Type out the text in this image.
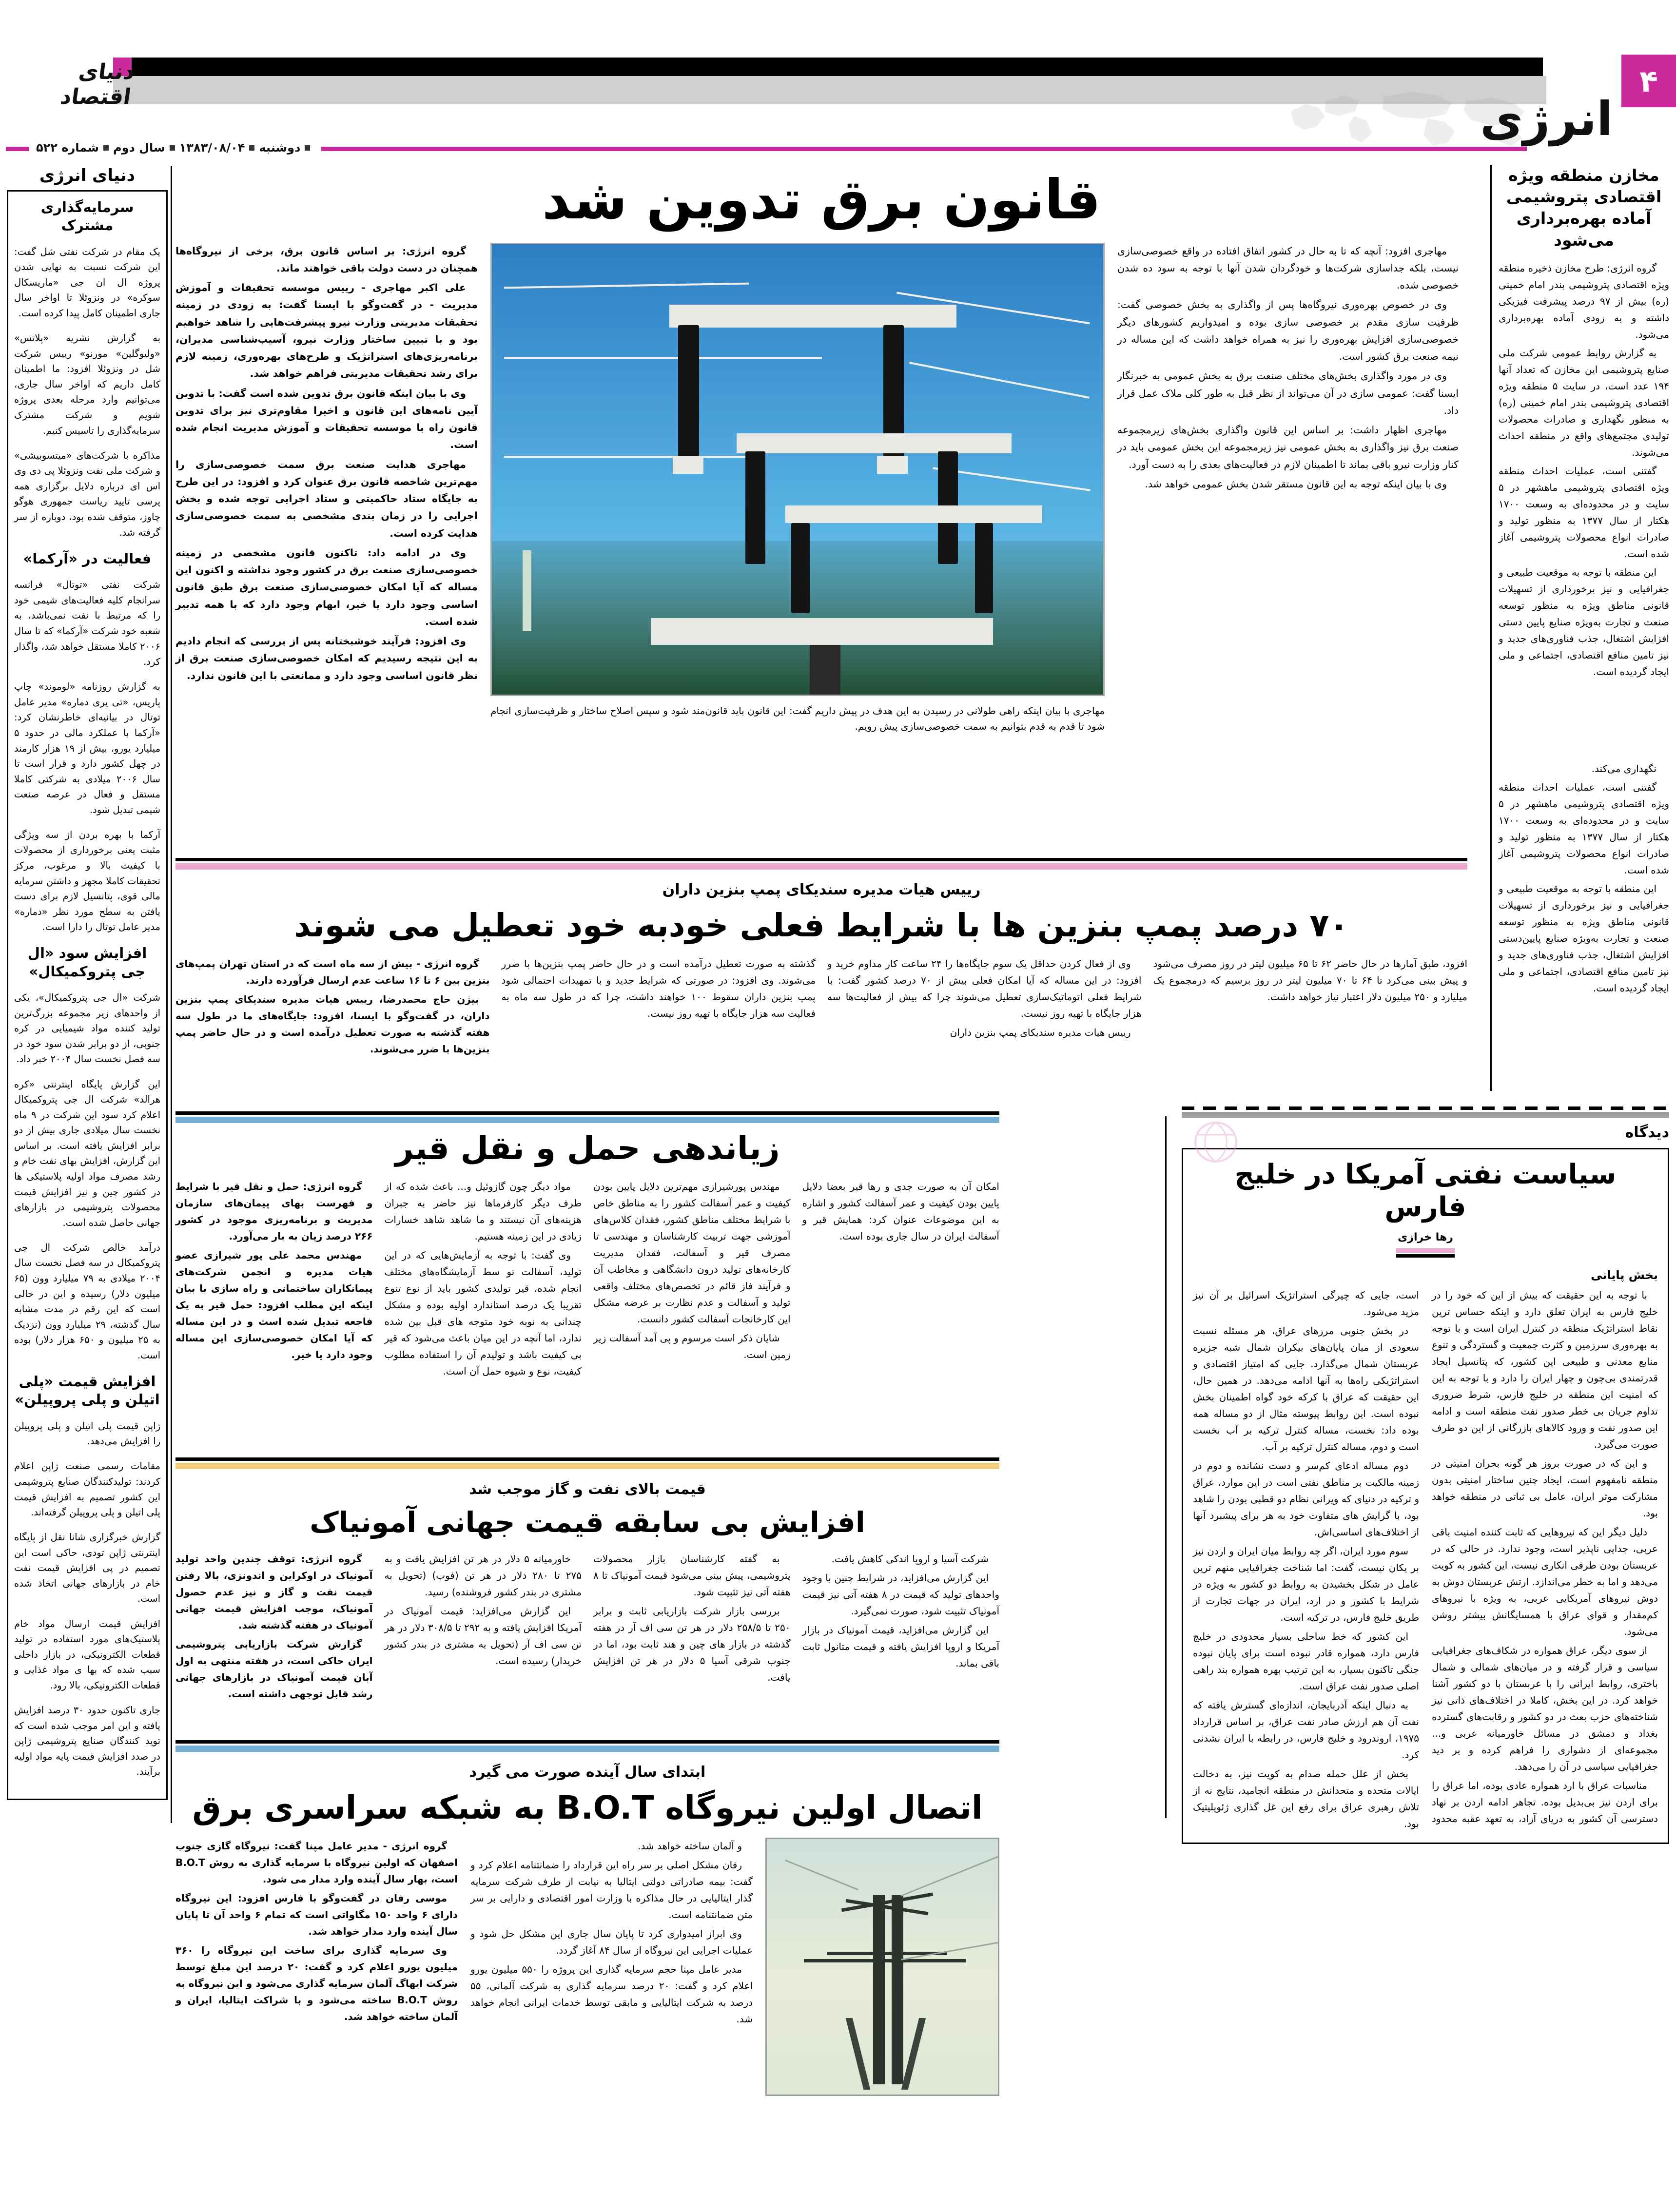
دنیای اقتصاد	۴
انرژی
دوشنبه
۱۳۸۳/۰۸/۰۴
سال دوم
شماره ۵۲۲
دنیای انرژی
سرمایه‌گذاری مشترک

یک مقام در شرکت نفتی شل گفت: این شرکت نسبت به نهایی شدن پروژه ال ان جی «ماریسکال سوکره» در ونزوئلا تا اواخر سال جاری اطمینان کامل پیدا کرده است.

به گزارش نشریه «پلاتس» «ولیوگلین» مورنو» رییس شرکت شل در ونزوئلا افزود: ما اطمینان کامل داریم که اواخر سال جاری، می‌توانیم وارد مرحله بعدی پروژه شویم و شرکت مشترک سرمایه‌گذاری را تاسیس کنیم.

مذاکره با شرکت‌های «میتسوبیشی» و شرکت ملی نفت ونزوئلا پی دی وی اس ای درباره دلایل برگزاری همه پرسی تایید ریاست جمهوری هوگو چاوز، متوقف شده بود، دوباره از سر گرفته شد.

فعالیت در «آرکما»

شرکت نفتی «توتال» فرانسه سرانجام کلیه فعالیت‌های شیمی خود را که مرتبط با نفت نمی‌باشد، به شعبه خود شرکت «آرکما» که تا سال ۲۰۰۶ کاملا مستقل خواهد شد، واگذار کرد.

به گزارش روزنامه «لوموند» چاپ پاریس، «تی یری دماره» مدیر عامل توتال در بیانیه‌ای خاطرنشان کرد: «آرکما با عملکرد مالی در حدود ۵ میلیارد یورو، بیش از ۱۹ هزار کارمند در چهل کشور دارد و قرار است تا سال ۲۰۰۶ میلادی به شرکتی کاملا مستقل و فعال در عرصه صنعت شیمی تبدیل شود.

آرکما با بهره بردن از سه ویژگی مثبت یعنی برخورداری از محصولات با کیفیت بالا و مرغوب، مرکز تحقیقات کاملا مجهز و داشتن سرمایه مالی قوی، پتانسیل لازم برای دست یافتن به سطح مورد نظر «دماره» مدیر عامل توتال را دارا است.

افزایش سود «ال جی پتروکمیکال»

شرکت «ال جی پتروکمیکال»، یکی از واحدهای زیر مجموعه بزرگ‌ترین تولید کننده مواد شیمیایی در کره جنوبی، از دو برابر شدن سود خود در سه فصل نخست سال ۲۰۰۴ خبر داد.

این گزارش پایگاه اینترنتی «کره هرالد» شرکت ال جی پتروکمیکال اعلام کرد سود این شرکت در ۹ ماه نخست سال میلادی جاری بیش از دو برابر افزایش یافته است. بر اساس این گزارش، افزایش بهای نفت خام و رشد مصرف مواد اولیه پلاستیکی ها در کشور چین و نیز افزایش قیمت محصولات پتروشیمی در بازارهای جهانی حاصل شده است.

درآمد خالص شرکت ال جی پتروکمیکال در سه فصل نخست سال ۲۰۰۴ میلادی به ۷۹ میلیارد وون (۶۵ میلیون دلار) رسیده و این در حالی است که این رقم در مدت مشابه سال گذشته، ۲۹ میلیارد وون (نزدیک به ۲۵ میلیون و ۶۵۰ هزار دلار) بوده است.

افزایش قیمت «پلی اتیلن و پلی پروپیلن»

ژاپن قیمت پلی اتیلن و پلی پروپیلن را افزایش می‌دهد.

مقامات رسمی صنعت ژاپن اعلام کردند: تولیدکنندگان صنایع پتروشیمی این کشور تصمیم به افزایش قیمت پلی اتیلن و پلی پروپیلن گرفته‌اند.

گزارش خبرگزاری شانا نقل از پایگاه اینترنتی ژاپن تودی، حاکی است این تصمیم در پی افزایش قیمت نفت خام در بازارهای جهانی اتخاذ شده است.

افزایش قیمت ارسال مواد خام پلاستیک‌های مورد استفاده در تولید قطعات الکترونیکی، در بازار داخلی سبب شده که بها ی مواد غذایی و قطعات الکترونیکی، بالا رود.

جاری تاکنون حدود ۳۰ درصد افزایش یافته و این امر موجب شده است که توید کنندگان صنایع پتروشیمی ژاپن در صدد افزایش قیمت پایه مواد اولیه برآیند.

مخازن منطقه ویژه اقتصادی پتروشیمی آماده بهره‌برداری می‌شود

گروه انرژی: طرح مخازن ذخیره منطقه ویژه اقتصادی پتروشیمی بندر امام خمینی (ره) بیش از ۹۷ درصد پیشرفت فیزیکی داشته و به زودی آماده بهره‌برداری می‌شود.

به گزارش روابط عمومی شرکت ملی صنایع پتروشیمی این مخازن که تعداد آنها ۱۹۴ عدد است، در سایت ۵ منطقه ویژه اقتصادی پتروشیمی بندر امام خمینی (ره) به منظور نگهداری و صادرات محصولات تولیدی مجتمع‌های واقع در منطقه احداث می‌شوند.

گفتنی است، عملیات احداث منطقه ویژه اقتصادی پتروشیمی ماهشهر در ۵ سایت و در محدوده‌ای به وسعت ۱۷۰۰ هکتار از سال ۱۳۷۷ به منظور تولید و صادرات انواع محصولات پتروشیمی آغاز شده است.

این منطقه با توجه به موقعیت طبیعی و جغرافیایی و نیز برخورداری از تسهیلات قانونی مناطق ویژه به منظور توسعه صنعت و تجارت به‌ویژه صنایع پایین دستی افزایش اشتغال، جذب فناوری‌های جدید و نیز تامین منافع اقتصادی، اجتماعی و ملی ایجاد گردیده است.

نگهداری می‌کند.

گفتنی است، عملیات احداث منطقه ویژه اقتصادی پتروشیمی ماهشهر در ۵ سایت و در محدوده‌ای به وسعت ۱۷۰۰ هکتار از سال ۱۳۷۷ به منظور تولید و صادرات انواع محصولات پتروشیمی آغاز شده است.

این منطقه با توجه به موقعیت طبیعی و جغرافیایی و نیز برخورداری از تسهیلات قانونی مناطق ویژه به منظور توسعه صنعت و تجارت به‌ویژه صنایع پایین‌دستی افزایش اشتغال، جذب فناوری‌های جدید و نیز تامین منافع اقتصادی، اجتماعی و ملی ایجاد گردیده است.

قانون برق تدوین شد

گروه انرژی: بر اساس قانون برق، برخی از نیروگاه‌ها همچنان در دست دولت باقی خواهند ماند.

علی اکبر مهاجری - رییس موسسه تحقیقات و آموزش مدیریت - در گفت‌وگو با ایسنا گفت: به زودی در زمینه تحقیقات مدیریتی وزارت نیرو پیشرفت‌هایی را شاهد خواهیم بود و با تبیین ساختار وزارت نیرو، آسیب‌شناسی مدیران، برنامه‌ریزی‌های استراتژیک و طرح‌های بهره‌وری، زمینه لازم برای رشد تحقیقات مدیریتی فراهم خواهد شد.

وی با بیان اینکه قانون برق تدوین شده است گفت: با تدوین آیین نامه‌های این قانون و اخیرا مقاوم‌تری نیز برای تدوین قانون راه با موسسه تحقیقات و آموزش مدیریت انجام شده است.

مهاجری هدایت صنعت برق سمت خصوصی‌سازی را مهم‌ترین شاخصه قانون برق عنوان کرد و افزود: در این طرح به جایگاه ستاد حاکمیتی و ستاد اجرایی توجه شده و بخش اجرایی را در زمان بندی مشخصی به سمت خصوصی‌سازی هدایت کرده است.

وی در ادامه داد: تاکنون قانون مشخصی در زمینه خصوصی‌سازی صنعت برق در کشور وجود نداشته و اکنون این مساله که آیا امکان خصوصی‌سازی صنعت برق طبق قانون اساسی وجود دارد یا خیر، ابهام وجود دارد که با همه تدبیر شده است.

وی افزود: فرآیند خوشبختانه پس از بررسی که انجام دادیم به این نتیجه رسیدیم که امکان خصوصی‌سازی صنعت برق از نظر قانون اساسی وجود دارد و ممانعتی با این قانون ندارد.

مهاجری با بیان اینکه راهی طولانی در رسیدن به این هدف در پیش داریم گفت: این قانون باید قانون‌مند شود و سپس اصلاح ساختار و ظرفیت‌سازی انجام شود تا قدم به قدم بتوانیم به سمت خصوصی‌سازی پیش رویم.

مهاجری افزود: آنچه که تا به حال در کشور اتفاق افتاده در واقع خصوصی‌سازی نیست، بلکه جداسازی شرکت‌ها و خودگردان شدن آنها با توجه به سود ده شدن خصوصی شده.

وی در خصوص بهره‌وری نیروگاه‌ها پس از واگذاری به بخش خصوصی گفت: ظرفیت سازی مقدم بر خصوصی سازی بوده و امیدواریم کشورهای دیگر خصوصی‌سازی افزایش بهره‌وری را نیز به همراه خواهد داشت که این مساله در نیمه صنعت برق کشور است.

وی در مورد واگذاری بخش‌های مختلف صنعت برق به بخش عمومی به خبرنگار ایسنا گفت: عمومی سازی در آن می‌تواند از نظر قبل به طور کلی ملاک عمل قرار داد.

مهاجری اظهار داشت: بر اساس این قانون واگذاری بخش‌های زیرمجموعه صنعت برق نیز واگذاری به بخش عمومی نیز زیرمجموعه این بخش عمومی باید در کنار وزارت نیرو باقی بماند تا اطمینان لازم در فعالیت‌های بعدی را به دست آورد.

وی با بیان اینکه توجه به این قانون مستقر شدن بخش عمومی خواهد شد.

رییس هیات مدیره سندیکای پمپ بنزین داران
۷۰ درصد پمپ بنزین ها با شرایط فعلی خودبه خود تعطیل می شوند

گروه انرژی - بیش از سه ماه است که در استان تهران پمپ‌های بنزین بین ۶ تا ۱۶ ساعت عدم ارسال فرآورده دارند.

بیژن حاج محمدرضا، رییس هیات مدیره سندیکای پمپ بنزین داران، در گفت‌وگو با ایسنا، افزود: جایگاه‌های ما در طول سه هفته گذشته به صورت تعطیل درآمده است و در حال حاضر پمپ بنزین‌ها با ضرر می‌شوند.

گذشته به صورت تعطیل درآمده است و در حال حاضر پمپ بنزین‌ها با ضرر می‌شوند. وی افزود: در صورتی که شرایط جدید و با تمهیدات احتمالی شود پمپ بنزین داران سقوط ۱۰۰ خواهند داشت، چرا که در طول سه ماه به فعالیت سه هزار جایگاه با تهیه روز نیست.

وی از فعال کردن حداقل یک سوم جایگاه‌ها را ۲۴ ساعت کار مداوم خرید و افزود: در این مساله که آیا امکان فعلی بیش از ۷۰ درصد کشور گفت: با شرایط فعلی اتوماتیک‌سازی تعطیل می‌شوند چرا که بیش از فعالیت‌ها سه هزار جایگاه با تهیه روز نیست.

رییس هیات مدیره سندیکای پمپ بنزین داران

افزود، طبق آمارها در حال حاضر ۶۲ تا ۶۵ میلیون لیتر در روز مصرف می‌شود و پیش بینی می‌کرد تا ۶۴ تا ۷۰ میلیون لیتر در روز برسیم که درمجموع یک میلیارد و ۲۵۰ میلیون دلار اعتبار نیاز خواهد داشت.
زیاندهی حمل و نقل قیر

گروه انرژی: حمل و نقل قیر با شرایط و فهرست بهای پیمان‌های سازمان مدیریت و برنامه‌ریزی موجود در کشور ۲۶۶ درصد زیان به بار می‌آورد.

مهندس محمد علی پور شیرازی عضو هیات مدیره و انجمن شرکت‌های پیمانکاران ساختمانی و راه سازی با بیان اینکه این مطلب افزود: حمل قیر به یک فاجعه تبدیل شده است و در این مساله که آیا امکان خصوصی‌سازی این مساله وجود دارد یا خیر.

مواد دیگر چون گازوئیل و... باعث شده که از طرف دیگر کارفرماها نیز حاضر به جبران هزینه‌های آن نیستند و ما شاهد شاهد خسارات زیادی در این زمینه هستیم.

وی گفت: با توجه به آزمایش‌هایی که در این تولید، آسفالت نو سط آزمایشگاه‌های مختلف انجام شده، قیر تولیدی کشور باید از نوع تنوع تقریبا یک درصد استاندارد اولیه بوده و مشکل چندانی به نوبه خود متوجه های قبل بین شده ندارد، اما آنچه در این میان باعث می‌شود که قیر بی کیفیت باشد و تولیدم آن را استفاده مطلوب کیفیت، نوع و شیوه حمل آن است.

مهندس پورشیرازی مهم‌ترین دلایل پایین بودن کیفیت و عمر آسفالت کشور را به مناطق خاص با شرایط مختلف مناطق کشور، فقدان کلاس‌های آموزشی جهت تربیت کارشناسان و مهندسی تا مصرف قیر و آسفالت، فقدان مدیریت کارخانه‌های تولید درون دانشگاهی و مخاطب آن و فرآیند فاز قائم در تخصص‌های مختلف واقعی تولید و آسفالت و عدم نظارت بر عرضه مشکل این کارخانجات آسفالت کشور دانست.

شایان ذکر است مرسوم و پی آمد آسفالت زیر زمین است.

امکان آن به صورت جدی و رها قیر بعضا دلایل پایین بودن کیفیت و عمر آسفالت کشور و اشاره به این موضوعات عنوان کرد: همایش قیر و آسفالت ایران در سال جاری بوده است.
قیمت بالای نفت و گاز موجب شد
افزایش بی سابقه قیمت جهانی آمونیاک

گروه انرژی: توقف چندین واحد تولید آمونیاک در اوکراین و اندونزی، بالا رفتن قیمت نفت و گاز و نیز عدم حصول آمونیاک، موجب افزایش قیمت جهانی آمونیاک در هفته گذشته شد.

گزارش شرکت بازاریابی پتروشیمی ایران حاکی است، در هفته منتهی به اول آبان قیمت آمونیاک در بازارهای جهانی رشد قابل توجهی داشته است.

خاورمیانه ۵ دلار در هر تن افزایش یافت و به ۲۷۵ تا ۲۸۰ دلار در هر تن (فوب) (تحویل به مشتری در بندر کشور فروشنده) رسید.

این گزارش می‌افزاید: قیمت آمونیاک در آمریکا افزایش یافته و به ۲۹۲ تا ۳۰۸/۵ دلار در هر تن سی اف آر (تحویل به مشتری در بندر کشور خریدار) رسیده است.

به گفته کارشناسان بازار محصولات پتروشیمی، پیش بینی می‌شود قیمت آمونیاک تا ۸ هفته آتی نیز تثبیت شود.

بررسی بازار شرکت بازاریابی ثابت و برابر ۲۵۰ تا ۲۵۸/۵ دلار در هر تن سی اف آر در هفته گذشته در بازار های چین و هند ثابت بود، اما در جنوب شرقی آسیا ۵ دلار در هر تن افزایش یافت.

شرکت آسیا و اروپا اندکی کاهش یافت.

این گزارش می‌افزاید، در شرایط چنین با وجود واحدهای تولید که قیمت در ۸ هفته آتی نیز قیمت آمونیاک تثبیت شود، صورت نمی‌گیرد.

این گزارش می‌افزاید، قیمت آمونیاک در بازار آمریکا و اروپا افزایش یافته و قیمت متانول ثابت باقی بماند.

ابتدای سال آینده صورت می گیرد
اتصال اولین نیروگاه B.O.T به شبکه سراسری برق

گروه انرژی - مدیر عامل مپنا گفت: نیروگاه گازی جنوب اصفهان که اولین نیروگاه با سرمایه گذاری به روش B.O.T است، بهار سال آینده وارد مدار می شود.

موسی رفان در گفت‌وگو با فارس افزود: این نیروگاه دارای ۶ واحد ۱۵۰ مگاواتی است که تمام ۶ واحد آن تا پایان سال آینده وارد مدار خواهد شد.

وی سرمایه گذاری برای ساخت این نیروگاه را ۳۶۰ میلیون یورو اعلام کرد و گفت: ۲۰ درصد این مبلغ توسط شرکت ایهاگ آلمان سرمایه گذاری می‌شود و این نیروگاه به روش B.O.T ساخته می‌شود و با شراکت ایتالیا، ایران و آلمان ساخته خواهد شد.

و آلمان ساخته خواهد شد.

رفان مشکل اصلی بر سر راه این قرارداد را ضمانتنامه اعلام کرد و گفت: بیمه صادراتی دولتی ایتالیا به نیابت از طرف شرکت سرمایه گذار ایتالیایی در حال مذاکره با وزارت امور اقتصادی و دارایی بر سر متن ضمانتنامه است.

وی ابراز امیدواری کرد تا پایان سال جاری این مشکل حل شود و عملیات اجرایی این نیروگاه از سال ۸۴ آغاز گردد.

مدیر عامل مپنا حجم سرمایه گذاری این پروژه را ۵۵۰ میلیون یورو اعلام کرد و گفت: ۲۰ درصد سرمایه گذاری به شرکت آلمانی، ۵۵ درصد به شرکت ایتالیایی و مابقی توسط خدمات ایرانی انجام خواهد شد.

دیدگاه
سیاست نفتی آمریکا در خلیج فارس
رها خرازی
بخش پایانی

با توجه به این حقیقت که بیش از این که خود را در خلیج فارس به ایران تعلق دارد و اینکه حساس ترین نقاط استراتژیک منطقه در کنترل ایران است و با توجه به بهره‌وری سرزمین و کثرت جمعیت و گستردگی و تنوع منابع معدنی و طبیعی این کشور، که پتانسیل ایجاد قدرتمندی بی‌چون و چهار ایران را دارد و با توجه به این که امنیت این منطقه در خلیج فارس، شرط ضروری تداوم جریان بی خطر صدور نفت منطقه است و ادامه این صدور نفت و ورود کالاهای بازرگانی از این دو طرف صورت می‌گیرد.

و این که در صورت بروز هر گونه بحران امنیتی در منطقه نامفهوم است، ایجاد چنین ساختار امنیتی بدون مشارکت موثر ایران، عامل بی ثباتی در منطقه خواهد بود.

دلیل دیگر این که نیروهایی که ثابت کننده امنیت باقی عربی، جدایی ناپذیر است، وجود ندارد. در حالی که در عربستان بودن طرفی انکاری نیست، این کشور به کویت می‌دهد و اما به خطر می‌اندازد. ارتش عربستان دوش به دوش نیروهای آمریکایی عربی، به ویژه با نیروهای کم‌مقدار و قوای عراق با همسایگانش بیشتر روشن می‌شود.

از سوی دیگر، عراق همواره در شکاف‌های جغرافیایی سیاسی و قرار گرفته و در میان‌های شمالی و شمال باختری، روابط ایرانی را با عربستان با دو کشور آشنا خواهد کرد. در این بخش، کاملا در اختلاف‌های ذاتی نیز شناخته‌های حزب بعث در دو کشور و رقابت‌های گسترده بغداد و دمشق در مسائل خاورمیانه عربی و... مجموعه‌ای از دشواری را فراهم کرده و بر دید جغرافیایی سیاسی در آن را می‌دهد.

مناسبات عراق با ارد همواره عادی بوده، اما عراق را برای اردن نیز بی‌بدیل بوده. تجاهر ادامه اردن بر نهاد دسترسی آن کشور به دریای آزاد، به تعهد عقبه محدود است، جایی که چیرگی استراتژیک اسرائیل بر آن نیز مزید می‌شود.

در بخش جنوبی مرزهای عراق، هر مسئله نسبت سعودی از میان پایان‌های بیکران شمال شبه جزیره عربستان شمال می‌گذارد. جایی که امتیاز اقتصادی و استراتژیکی راه‌ها به آنها ادامه می‌دهد. در همین حال، این حقیقت که عراق با کرکه خود گواه اطمینان بخش نبوده است. این روابط پیوسته مثال از دو مساله همه بوده داد: نخست، مساله کنترل ترکیه بر آب نخست است و دوم، مساله کنترل ترکیه بر آب.

دوم مساله ادعای کم‌سر و دست نشانده و دوم در زمینه مالکیت بر مناطق نفتی است در این موارد، عراق و ترکیه در دنیای که ویرانی نظام دو قطبی بودن را شاهد بود، با گرایش های متفاوت خود به هر برای پیشبرد آنها از اختلاف‌های اساسی‌اش.

سوم مورد ایران، اگر چه روابط میان ایران و اردن نیز بر یکان نیست، گفت: اما شناخت جغرافیایی منهم ترین عامل در شکل بخشیدن به روابط دو کشور به ویژه در شرایط با کشور و در ارد، ایران در جهات تجارت از طریق خلیج فارس، در ترکیه است.

این کشور که خط ساحلی بسیار محدودی در خلیج فارس دارد، همواره قادر نبوده است برای پایان نبوده جنگی تاکنون بسیار، به این ترتیب بهره همواره بند راهی اصلی صدور نفت عراق است.

به دنبال اینکه آذربایجان، اندازه‌ای گسترش یافته که نفت آن هم ارزش صادر نفت عراق، بر اساس قرارداد ۱۹۷۵، اروندرود و خلیج فارس، در رابطه با ایران نشدنی کرد.

بخش از علل حمله صدام به کویت نیز، به دخالت ایالات متحده و متحدانش در منطقه انجامید، نتایج نه از تلاش رهبری عراق برای رفع این غل گذاری ژئوپلیتیک بود.
